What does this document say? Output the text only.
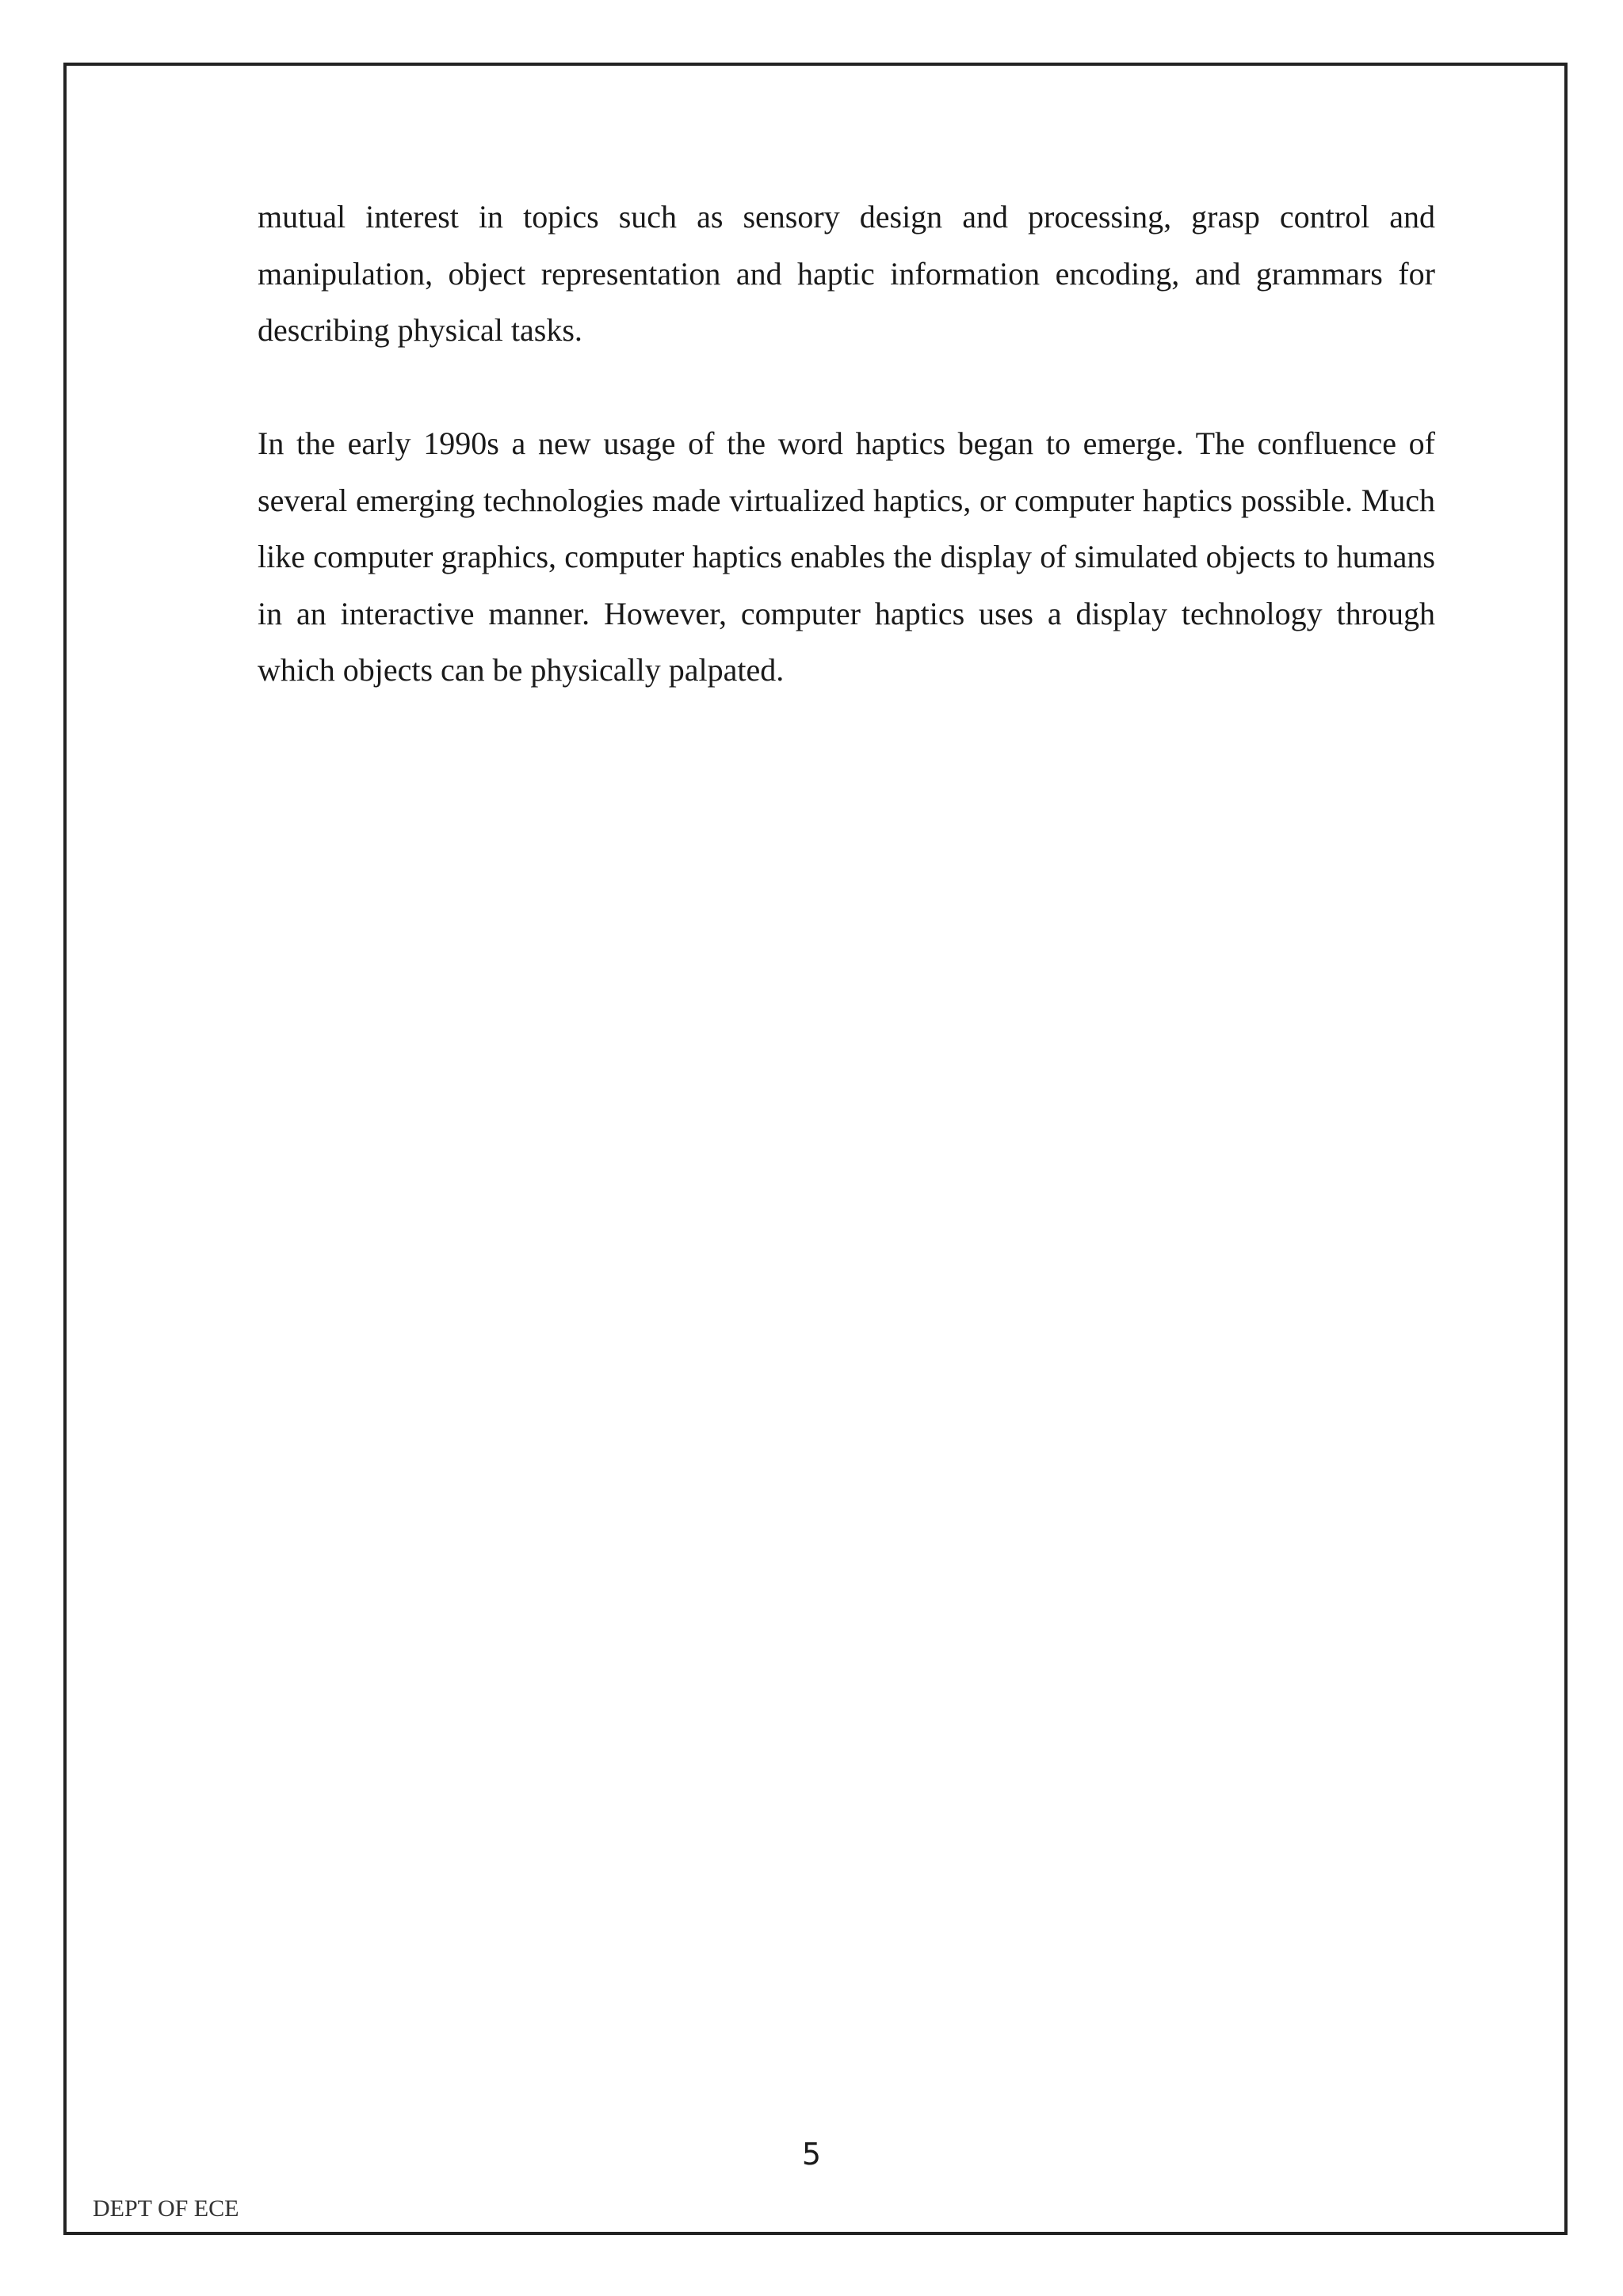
mutual interest in topics such as sensory design and processing, grasp control and manipulation, object representation and haptic information encoding, and grammars for describing physical tasks.

In the early 1990s a new usage of the word haptics began to emerge. The confluence of several emerging technologies made virtualized haptics, or computer haptics possible. Much like computer graphics, computer haptics enables the display of simulated objects to humans in an interactive manner. However, computer haptics uses a display technology through which objects can be physically palpated.

5
DEPT OF ECE
